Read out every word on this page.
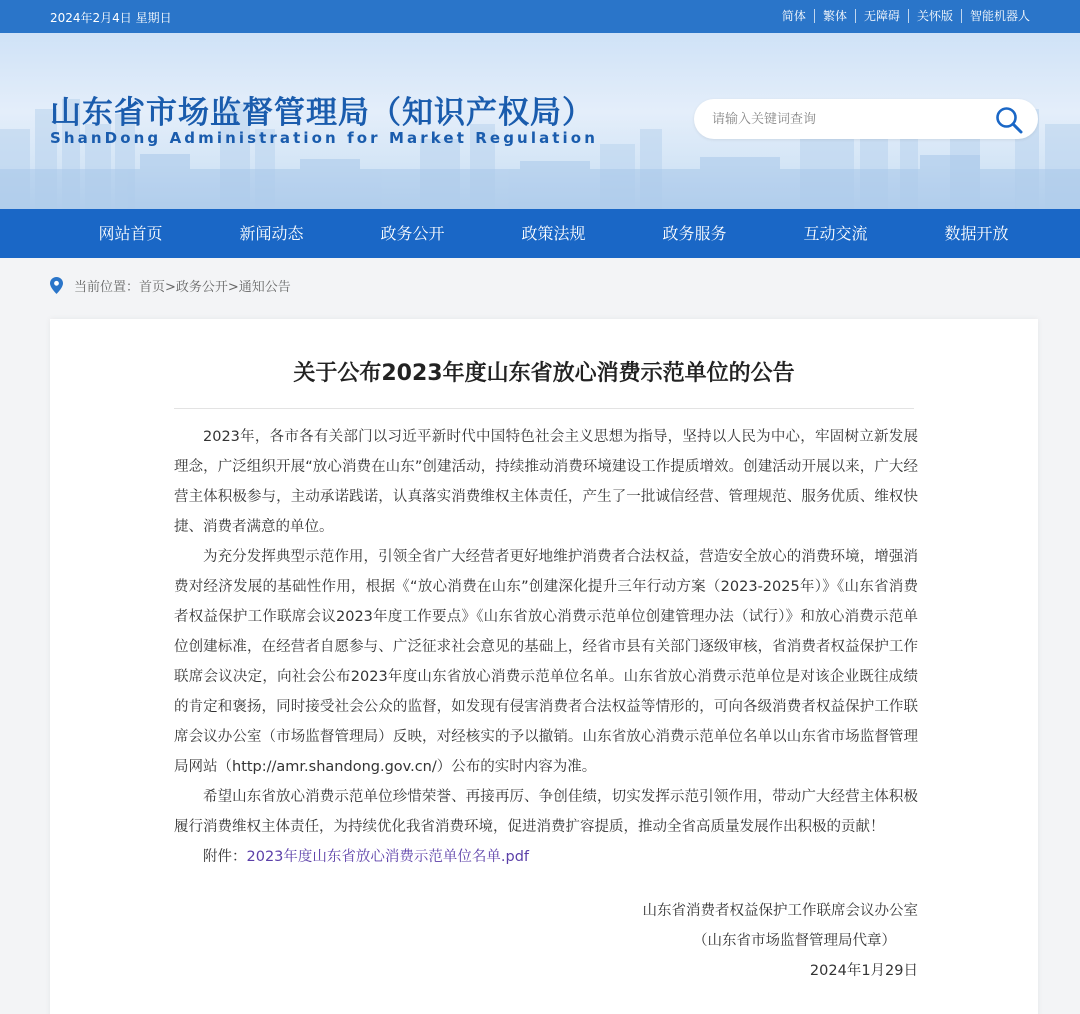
2024年2月4日 星期日	简体	繁体	无障碍	关怀版	智能机器人
山东省市场监督管理局（知识产权局）
ShanDong Administration for Market Regulation
请输入关键词查询
网站首页	新闻动态	政务公开	政策法规	政务服务	互动交流	数据开放
当前位置：首页>政务公开>通知公告
关于公布2023年度山东省放心消费示范单位的公告

2023年，各市各有关部门以习近平新时代中国特色社会主义思想为指导，坚持以人民为中心，牢固树立新发展理念，广泛组织开展“放心消费在山东”创建活动，持续推动消费环境建设工作提质增效。创建活动开展以来，广大经营主体积极参与，主动承诺践诺，认真落实消费维权主体责任，产生了一批诚信经营、管理规范、服务优质、维权快捷、消费者满意的单位。

为充分发挥典型示范作用，引领全省广大经营者更好地维护消费者合法权益，营造安全放心的消费环境，增强消费对经济发展的基础性作用，根据《“放心消费在山东”创建深化提升三年行动方案（2023-2025年）》《山东省消费者权益保护工作联席会议2023年度工作要点》《山东省放心消费示范单位创建管理办法（试行）》和放心消费示范单位创建标准，在经营者自愿参与、广泛征求社会意见的基础上，经省市县有关部门逐级审核，省消费者权益保护工作联席会议决定，向社会公布2023年度山东省放心消费示范单位名单。山东省放心消费示范单位是对该企业既往成绩的肯定和褒扬，同时接受社会公众的监督，如发现有侵害消费者合法权益等情形的，可向各级消费者权益保护工作联席会议办公室（市场监督管理局）反映，对经核实的予以撤销。山东省放心消费示范单位名单以山东省市场监督管理局网站（http://amr.shandong.gov.cn/）公布的实时内容为准。

希望山东省放心消费示范单位珍惜荣誉、再接再厉、争创佳绩，切实发挥示范引领作用，带动广大经营主体积极履行消费维权主体责任，为持续优化我省消费环境，促进消费扩容提质，推动全省高质量发展作出积极的贡献！

附件：2023年度山东省放心消费示范单位名单.pdf

山东省消费者权益保护工作联席会议办公室
（山东省市场监督管理局代章）
2024年1月29日
